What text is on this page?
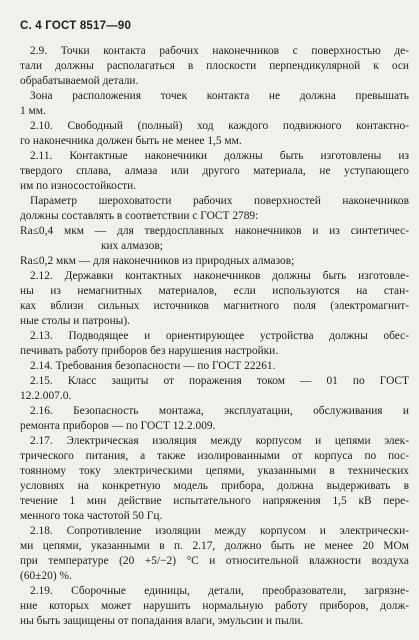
С. 4 ГОСТ 8517—90
2.9. Точки контакта рабочих наконечников с поверхностью де-
тали должны располагаться в плоскости перпендикулярной к оси
обрабатываемой детали.
Зона расположения точек контакта не должна превышать
1 мм.
2.10. Свободный (полный) ход каждого подвижного контактно-
го наконечника должен быть не менее 1,5 мм.
2.11. Контактные наконечники должны быть изготовлены из
твердого сплава, алмаза или другого материала, не уступающего
им по износостойкости.
Параметр шероховатости рабочих поверхностей наконечников
должны составлять в соответствии с ГОСТ 2789:
Ra≤0,4 мкм — для твердосплавных наконечников и из синтетичес-
ких алмазов;
Ra≤0,2 мкм — для наконечников из природных алмазов;
2.12. Державки контактных наконечников должны быть изготовле-
ны из немагнитных материалов, если используются на стан-
ках вблизи сильных источников магнитного поля (электромагнит-
ные столы и патроны).
2.13. Подводящее и ориентирующее устройства должны обес-
печивать работу приборов без нарушения настройки.
2.14. Требования безопасности — по ГОСТ 22261.
2.15. Класс защиты от поражения током — 01 по ГОСТ
12.2.007.0.
2.16. Безопасность монтажа, эксплуатации, обслуживания и
ремонта приборов — по ГОСТ 12.2.009.
2.17. Электрическая изоляция между корпусом и цепями элек-
трического питания, а также изолированными от корпуса по пос-
тоянному току электрическими цепями, указанными в технических
условиях на конкретную модель прибора, должна выдерживать в
течение 1 мин действие испытательного напряжения 1,5 кВ пере-
менного тока частотой 50 Гц.
2.18. Сопротивление изоляции между корпусом и электрически-
ми цепями, указанными в п. 2.17, должно быть не менее 20 МОм
при температуре (20 +5/−2) °С и относительной влажности воздуха
(60±20) %.
2.19. Сборочные единицы, детали, преобразователи, загрязне-
ние которых может нарушить нормальную работу приборов, долж-
ны быть защищены от попадания влаги, эмульсии и пыли.
